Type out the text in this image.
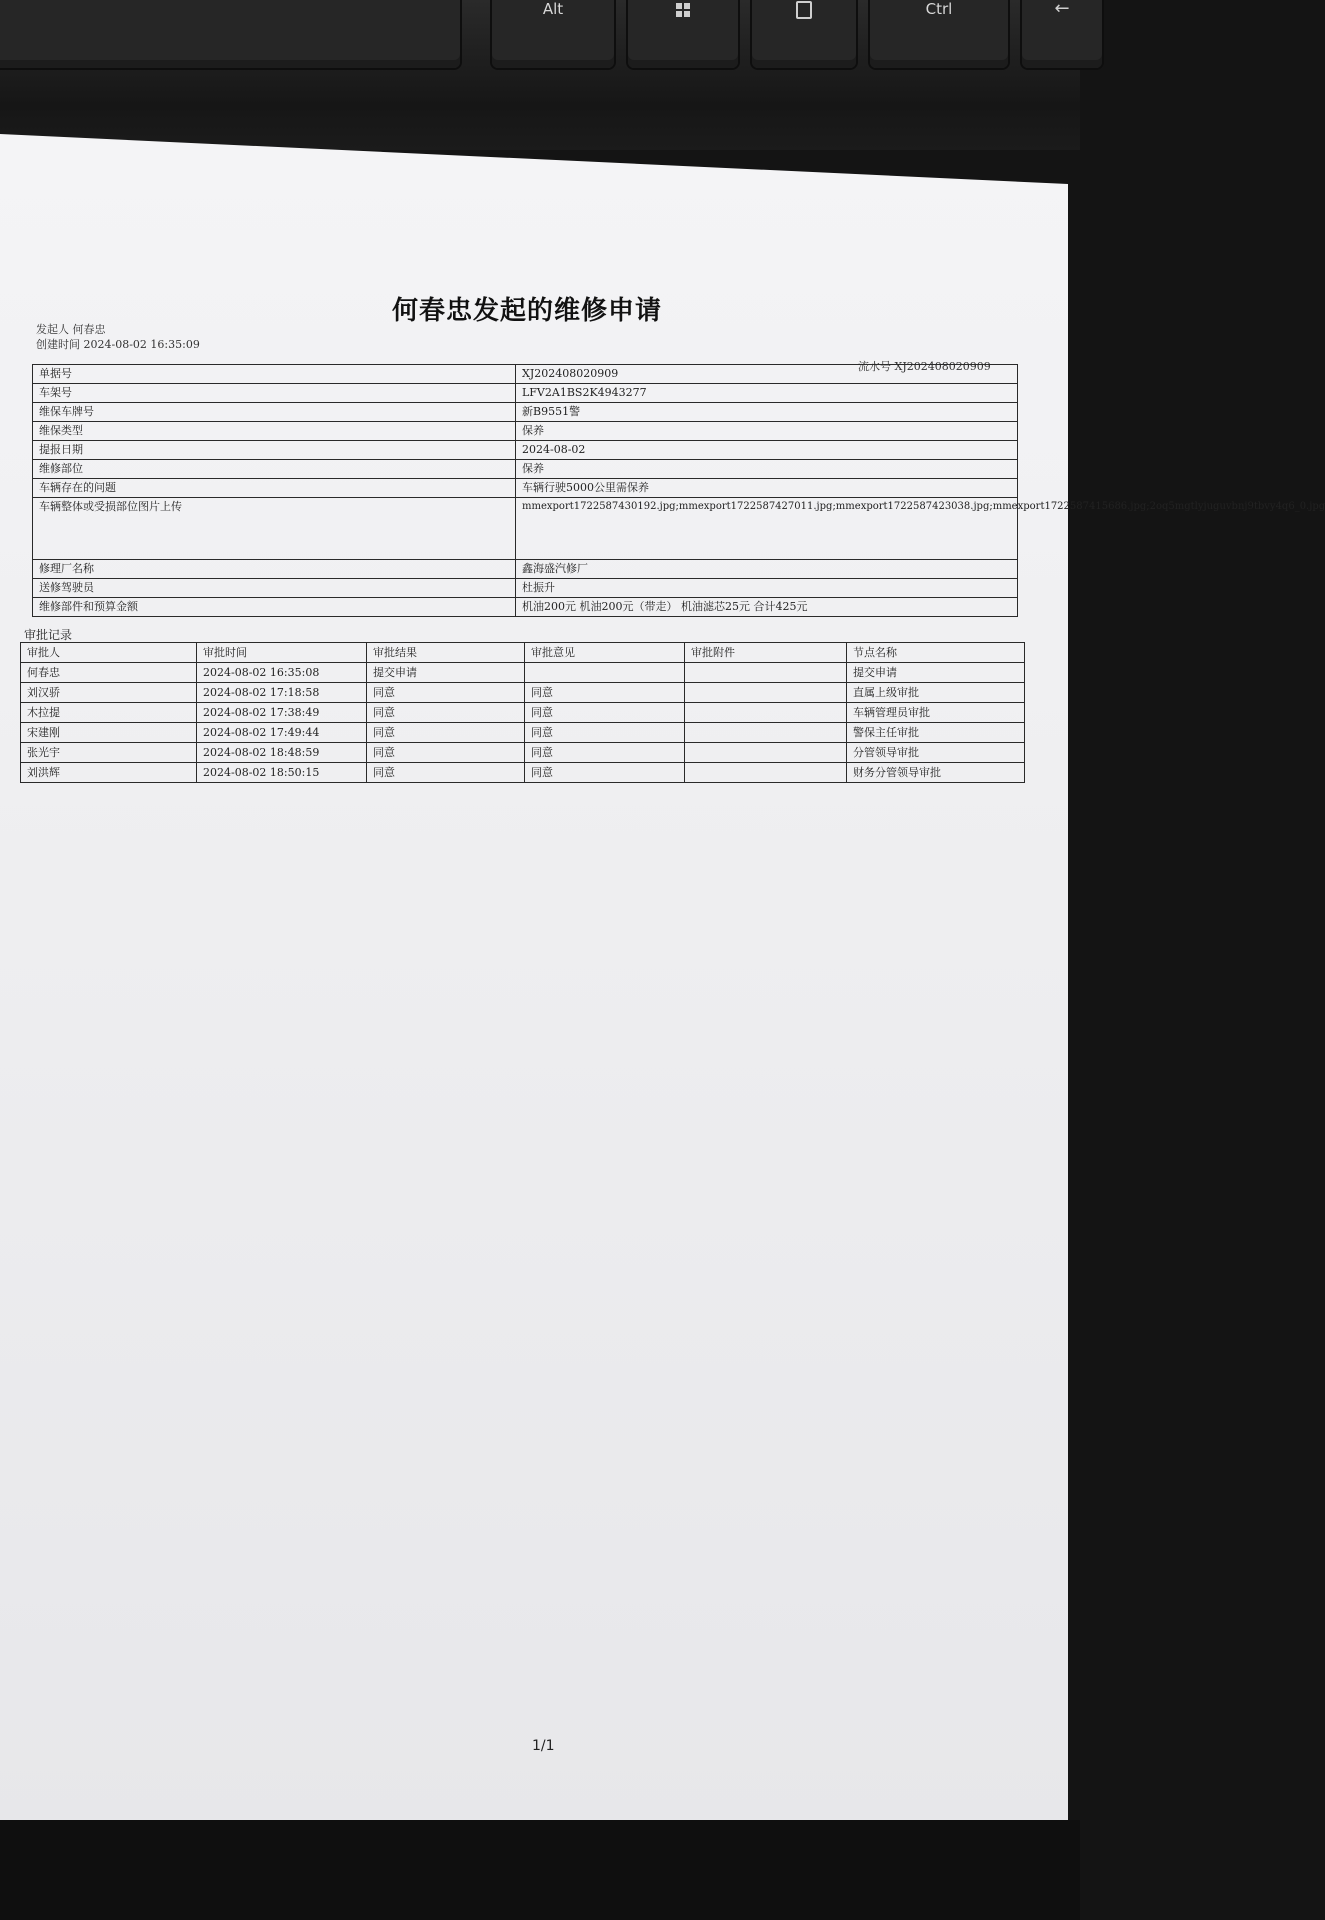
Alt	Ctrl	←
何春忠发起的维修申请
发起人 何春忠
创建时间 2024-08-02 16:35:09
流水号 XJ202408020909
单据号	XJ202408020909
车架号	LFV2A1BS2K4943277
维保车牌号	新B9551警
维保类型	保养
提报日期	2024-08-02
维修部位	保养
车辆存在的问题	车辆行驶5000公里需保养
车辆整体或受损部位图片上传	mmexport1722587430192.jpg;mmexport1722587427011.jpg;mmexport1722587423038.jpg;mmexport1722587415686.jpg;2oq5mgtlyjuguvbnj9tbvy4q6_0.jpg
修理厂名称	鑫海盛汽修厂
送修驾驶员	杜振升
维修部件和预算金额	机油200元 机油200元（带走） 机油滤芯25元 合计425元
审批记录
审批人	审批时间	审批结果	审批意见	审批附件	节点名称
何春忠	2024-08-02 16:35:08	提交申请			提交申请
刘汉骄	2024-08-02 17:18:58	同意	同意		直属上级审批
木拉提	2024-08-02 17:38:49	同意	同意		车辆管理员审批
宋建刚	2024-08-02 17:49:44	同意	同意		警保主任审批
张光宇	2024-08-02 18:48:59	同意	同意		分管领导审批
刘洪辉	2024-08-02 18:50:15	同意	同意		财务分管领导审批
1/1
